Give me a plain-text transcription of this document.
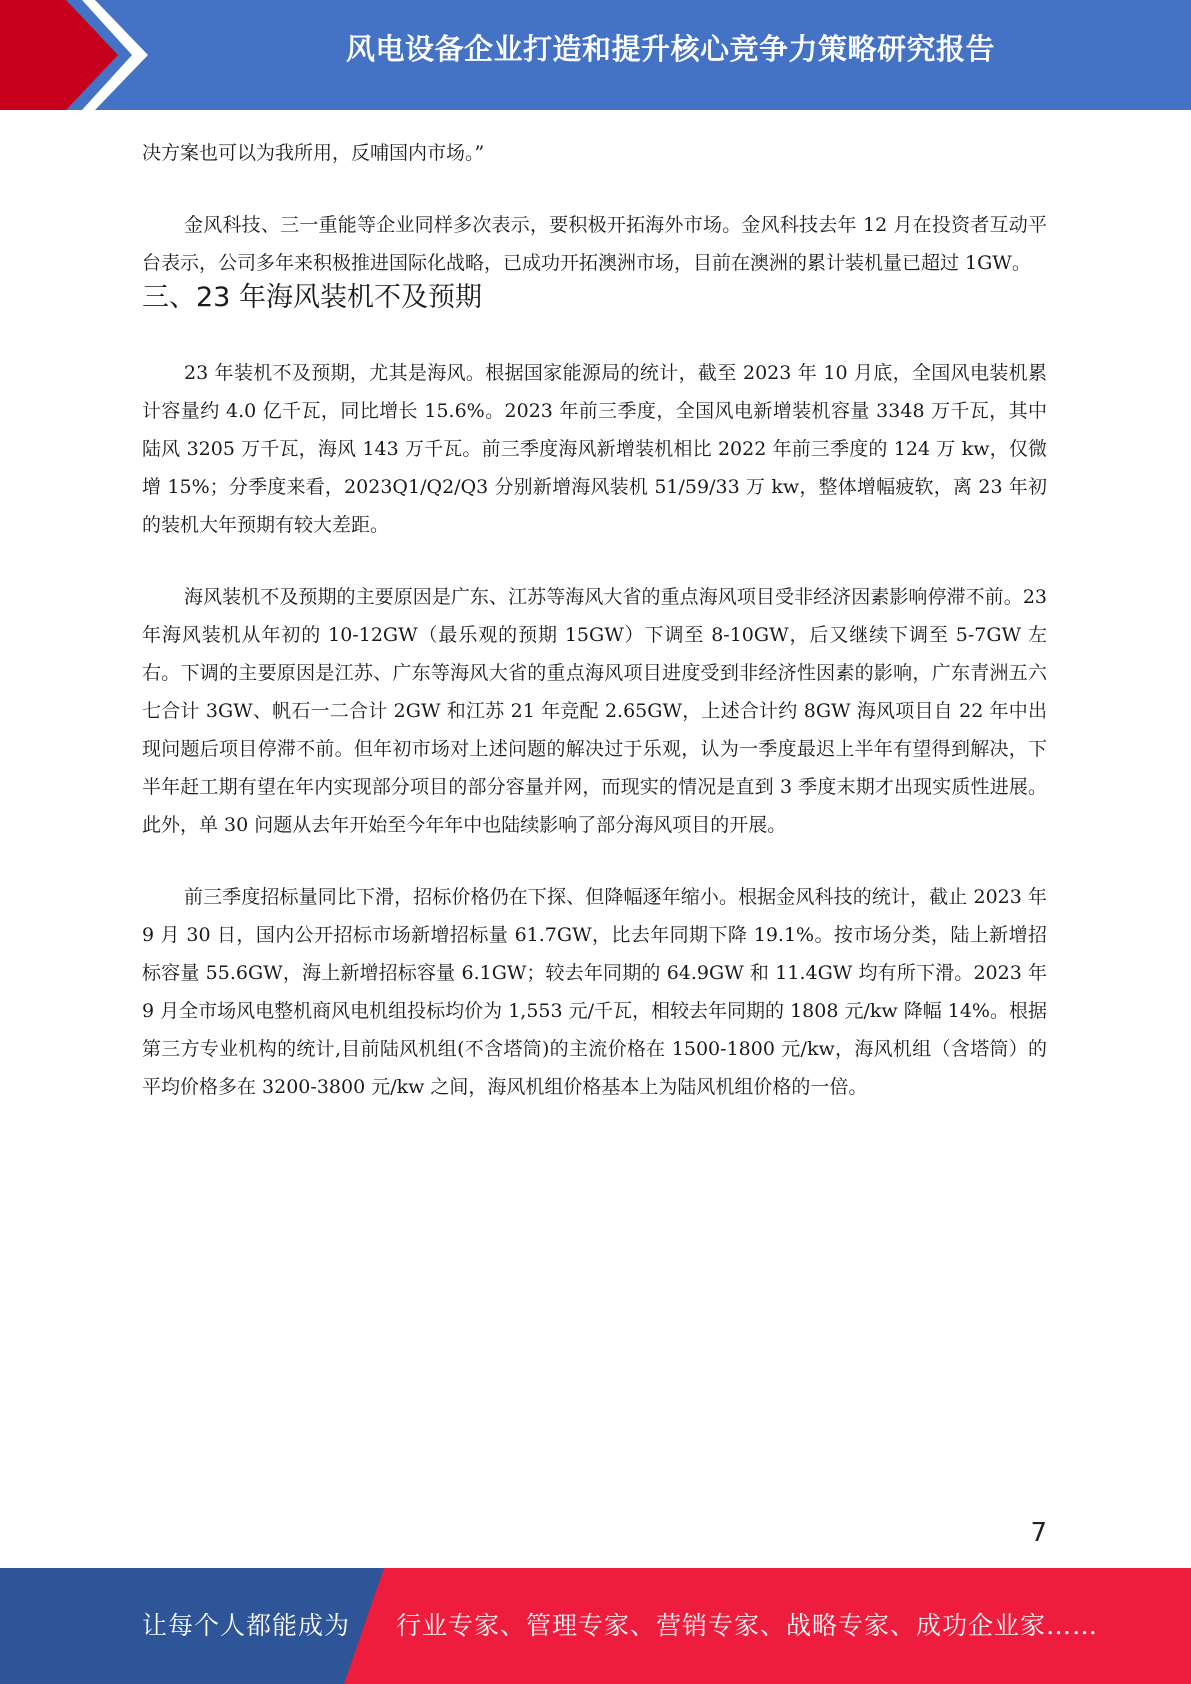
风电设备企业打造和提升核心竞争力策略研究报告

决方案也可以为我所用，反哺国内市场。”

金风科技、三一重能等企业同样多次表示，要积极开拓海外市场。金风科技去年 12 月在投资者互动平台表示，公司多年来积极推进国际化战略，已成功开拓澳洲市场，目前在澳洲的累计装机量已超过 1GW。

三、23 年海风装机不及预期

23 年装机不及预期，尤其是海风。根据国家能源局的统计，截至 2023 年 10 月底，全国风电装机累计容量约 4.0 亿千瓦，同比增长 15.6%。2023 年前三季度，全国风电新增装机容量 3348 万千瓦，其中陆风 3205 万千瓦，海风 143 万千瓦。前三季度海风新增装机相比 2022 年前三季度的 124 万 kw，仅微增 15%；分季度来看，2023Q1/Q2/Q3 分别新增海风装机 51/59/33 万 kw，整体增幅疲软，离 23 年初的装机大年预期有较大差距。

海风装机不及预期的主要原因是广东、江苏等海风大省的重点海风项目受非经济因素影响停滞不前。23 年海风装机从年初的 10-12GW（最乐观的预期 15GW）下调至 8-10GW，后又继续下调至 5-7GW 左右。下调的主要原因是江苏、广东等海风大省的重点海风项目进度受到非经济性因素的影响，广东青洲五六七合计 3GW、帆石一二合计 2GW 和江苏 21 年竞配 2.65GW，上述合计约 8GW 海风项目自 22 年中出现问题后项目停滞不前。但年初市场对上述问题的解决过于乐观，认为一季度最迟上半年有望得到解决，下半年赶工期有望在年内实现部分项目的部分容量并网，而现实的情况是直到 3 季度末期才出现实质性进展。此外，单 30 问题从去年开始至今年年中也陆续影响了部分海风项目的开展。

前三季度招标量同比下滑，招标价格仍在下探、但降幅逐年缩小。根据金风科技的统计，截止 2023 年 9 月 30 日，国内公开招标市场新增招标量 61.7GW，比去年同期下降 19.1%。按市场分类，陆上新增招标容量 55.6GW，海上新增招标容量 6.1GW；较去年同期的 64.9GW 和 11.4GW 均有所下滑。2023 年 9 月全市场风电整机商风电机组投标均价为 1,553 元/千瓦，相较去年同期的 1808 元/kw 降幅 14%。根据第三方专业机构的统计,目前陆风机组(不含塔筒)的主流价格在 1500-1800 元/kw，海风机组（含塔筒）的平均价格多在 3200-3800 元/kw 之间，海风机组价格基本上为陆风机组价格的一倍。

7
让每个人都能成为 行业专家、管理专家、营销专家、战略专家、成功企业家……
